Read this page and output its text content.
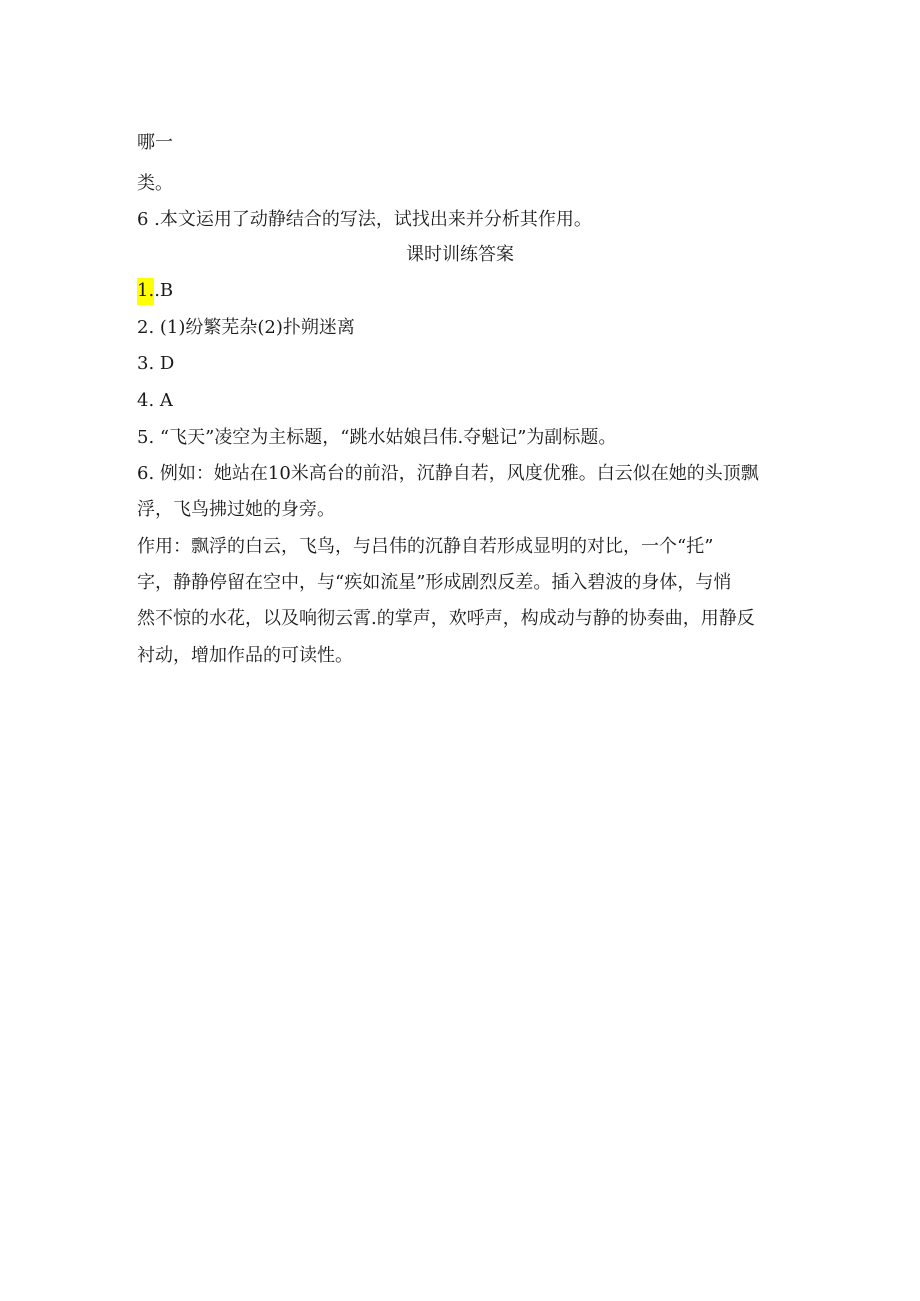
哪一
类。
6 .本文运用了动静结合的写法，试找出来并分析其作用。
课时训练答案
1..B
2. (1)纷繁芜杂(2)扑朔迷离
3. D
4. A
5. “飞天”凌空为主标题，“跳水姑娘吕伟.夺魁记”为副标题。
6. 例如：她站在10米高台的前沿，沉静自若，风度优雅。白云似在她的头顶飘
浮，飞鸟拂过她的身旁。
作用：飘浮的白云，飞鸟，与吕伟的沉静自若形成显明的对比，一个“托”
字，静静停留在空中，与“疾如流星”形成剧烈反差。插入碧波的身体，与悄
然不惊的水花，以及响彻云霄.的掌声，欢呼声，构成动与静的协奏曲，用静反
衬动，增加作品的可读性。
